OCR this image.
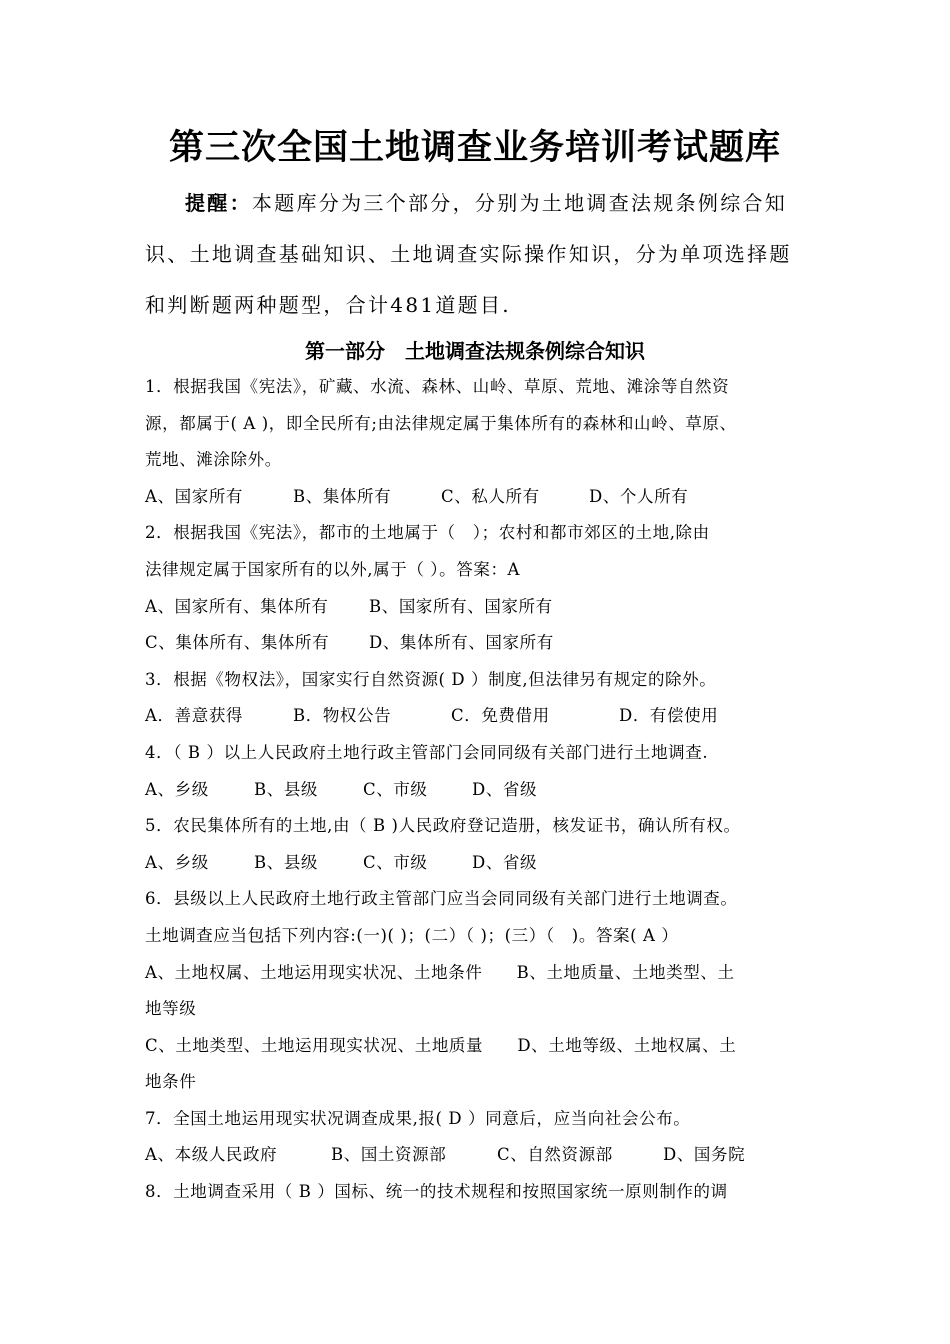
第三次全国土地调查业务培训考试题库
提醒：本题库分为三个部分，分别为土地调查法规条例综合知
识、土地调查基础知识、土地调查实际操作知识，分为单项选择题
和判断题两种题型，合计481道题目.
第一部分　土地调查法规条例综合知识
1．根据我国《宪法》，矿藏、水流、森林、山岭、草原、荒地、滩涂等自然资
源，都属于( A )，即全民所有;由法律规定属于集体所有的森林和山岭、草原、
荒地、滩涂除外。
A、国家所有	B、集体所有	C、私人所有	D、个人所有
2．根据我国《宪法》，都市的土地属于（　）；农村和都市郊区的土地,除由
法律规定属于国家所有的以外,属于（ ）。答案：A
A、国家所有、集体所有 B、国家所有、国家所有
C、集体所有、集体所有 D、集体所有、国家所有
3．根据《物权法》，国家实行自然资源( D ）制度,但法律另有规定的除外。
A．善意获得	B．物权公告	C．免费借用	D．有偿使用
4．（ B ）以上人民政府土地行政主管部门会同同级有关部门进行土地调查.
A、乡级	B、县级	C、市级	D、省级
5．农民集体所有的土地,由（ B )人民政府登记造册，核发证书，确认所有权。
A、乡级	B、县级	C、市级	D、省级
6．县级以上人民政府土地行政主管部门应当会同同级有关部门进行土地调查。
土地调查应当包括下列内容:(一)( )；(二）（ )；(三）（　)。答案( A ）
A、土地权属、土地运用现实状况、土地条件　　B、土地质量、土地类型、土
地等级
C、土地类型、土地运用现实状况、土地质量　　D、土地等级、土地权属、土
地条件
7．全国土地运用现实状况调查成果,报( D ）同意后，应当向社会公布。
A、本级人民政府	B、国土资源部	C、自然资源部	D、国务院
8．土地调查采用（ B ）国标、统一的技术规程和按照国家统一原则制作的调
